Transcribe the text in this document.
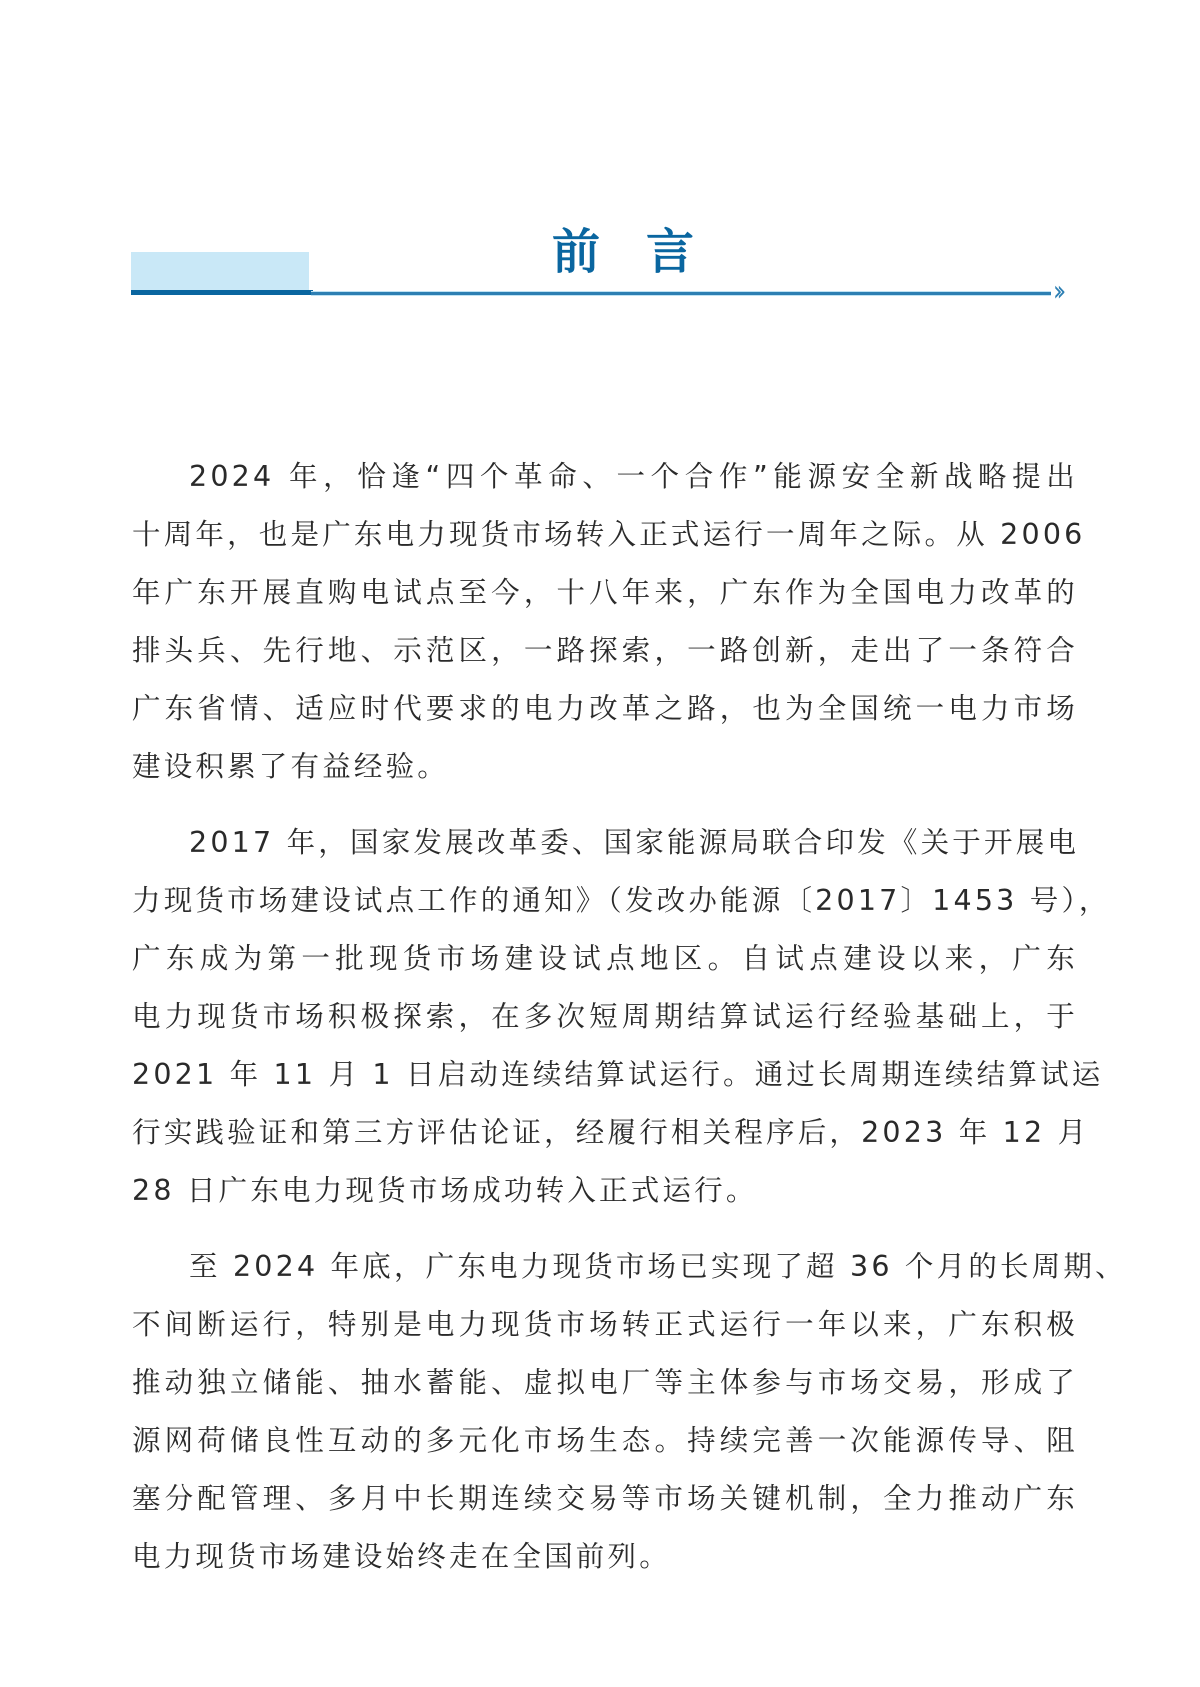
››
前言
2024 年，恰逢“四个革命、一个合作”能源安全新战略提出
十周年，也是广东电力现货市场转入正式运行一周年之际。从 2006
年广东开展直购电试点至今，十八年来，广东作为全国电力改革的
排头兵、先行地、示范区，一路探索，一路创新，走出了一条符合
广东省情、适应时代要求的电力改革之路，也为全国统一电力市场
建设积累了有益经验。
2017 年，国家发展改革委、国家能源局联合印发《关于开展电
力现货市场建设试点工作的通知》（发改办能源〔2017〕1453 号），
广东成为第一批现货市场建设试点地区。自试点建设以来，广东
电力现货市场积极探索，在多次短周期结算试运行经验基础上，于
2021 年 11 月 1 日启动连续结算试运行。通过长周期连续结算试运
行实践验证和第三方评估论证，经履行相关程序后，2023 年 12 月
28 日广东电力现货市场成功转入正式运行。
至 2024 年底，广东电力现货市场已实现了超 36 个月的长周期、
不间断运行，特别是电力现货市场转正式运行一年以来，广东积极
推动独立储能、抽水蓄能、虚拟电厂等主体参与市场交易，形成了
源网荷储良性互动的多元化市场生态。持续完善一次能源传导、阻
塞分配管理、多月中长期连续交易等市场关键机制，全力推动广东
电力现货市场建设始终走在全国前列。
